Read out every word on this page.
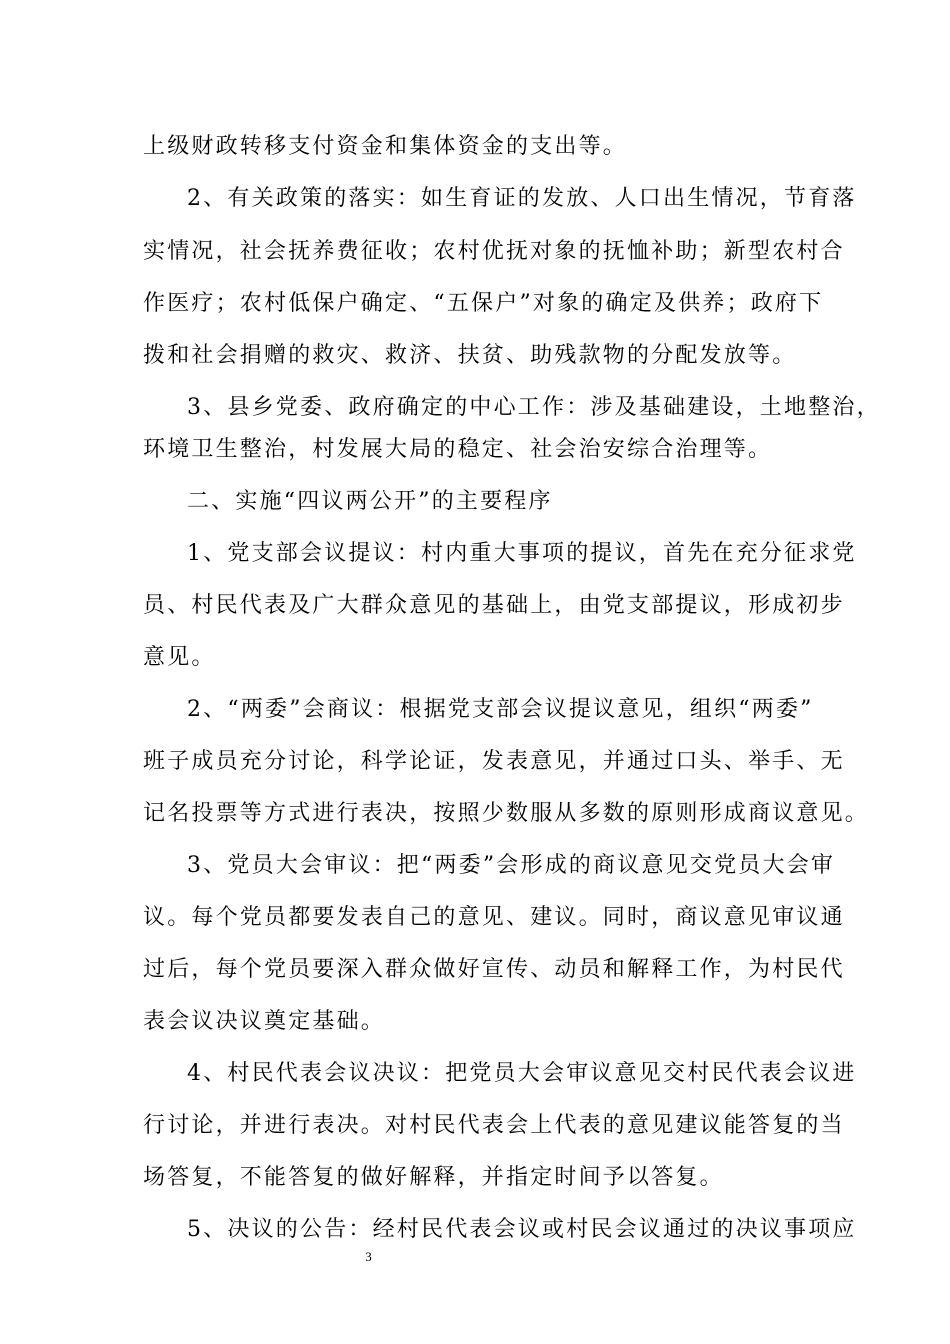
上级财政转移支付资金和集体资金的支出等。
2、有关政策的落实：如生育证的发放、人口出生情况，节育落
实情况，社会抚养费征收；农村优抚对象的抚恤补助；新型农村合
作医疗；农村低保户确定、“五保户”对象的确定及供养；政府下
拨和社会捐赠的救灾、救济、扶贫、助残款物的分配发放等。
3、县乡党委、政府确定的中心工作：涉及基础建设，土地整治，
环境卫生整治，村发展大局的稳定、社会治安综合治理等。
二、实施“四议两公开”的主要程序
1、党支部会议提议：村内重大事项的提议，首先在充分征求党
员、村民代表及广大群众意见的基础上，由党支部提议，形成初步
意见。
2、“两委”会商议：根据党支部会议提议意见，组织“两委”
班子成员充分讨论，科学论证，发表意见，并通过口头、举手、无
记名投票等方式进行表决，按照少数服从多数的原则形成商议意见。
3、党员大会审议：把“两委”会形成的商议意见交党员大会审
议。每个党员都要发表自己的意见、建议。同时，商议意见审议通
过后，每个党员要深入群众做好宣传、动员和解释工作，为村民代
表会议决议奠定基础。
4、村民代表会议决议：把党员大会审议意见交村民代表会议进
行讨论，并进行表决。对村民代表会上代表的意见建议能答复的当
场答复，不能答复的做好解释，并指定时间予以答复。
5、决议的公告：经村民代表会议或村民会议通过的决议事项应
3
